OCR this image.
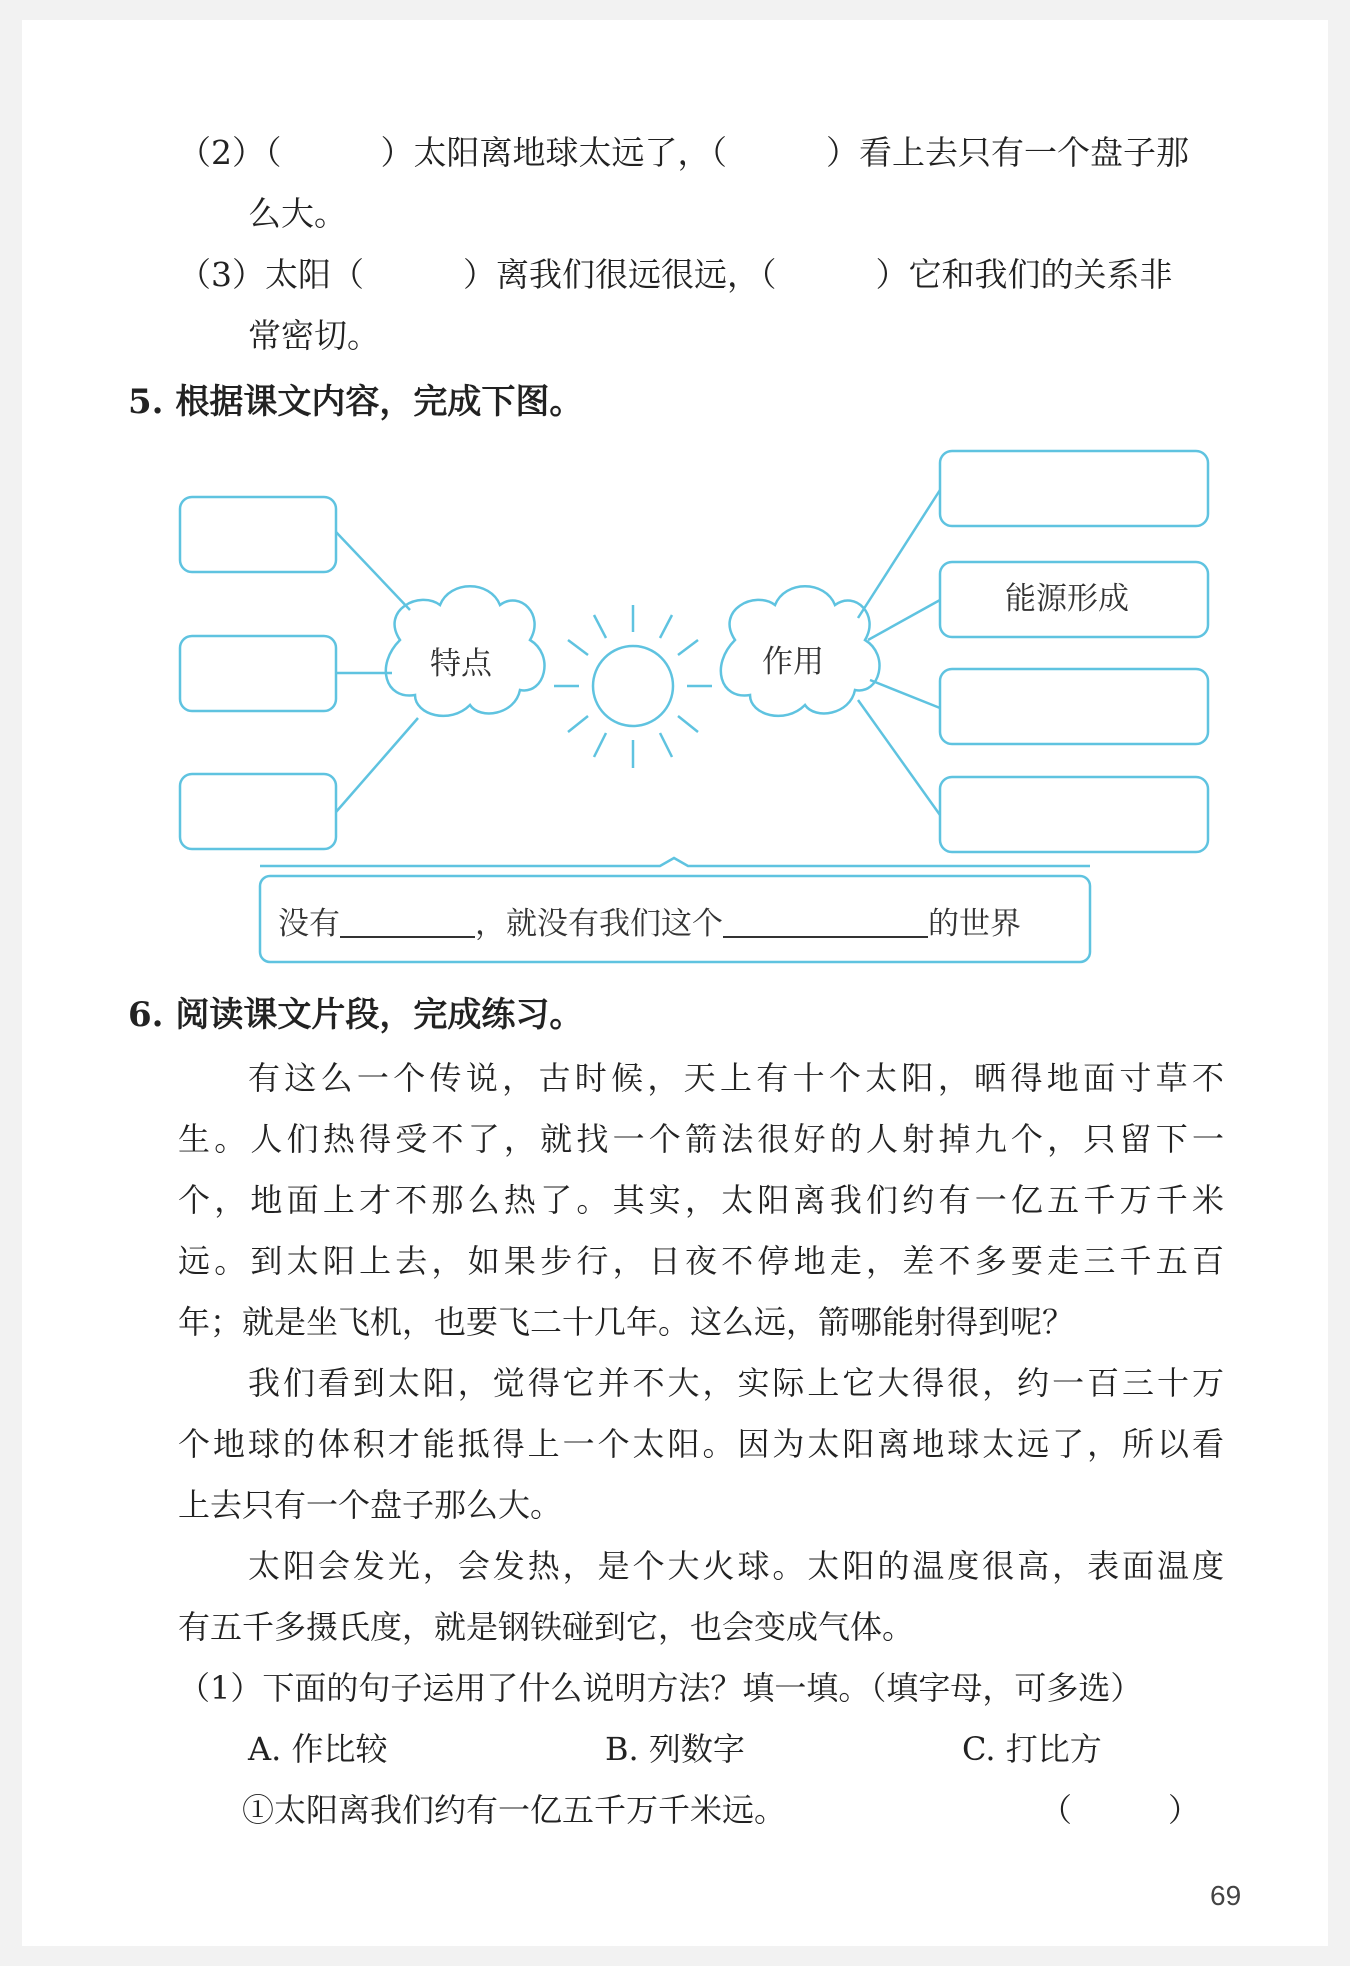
（2）（　　　）太阳离地球太远了，（　　　）看上去只有一个盘子那
么大。
（3）太阳（　　　）离我们很远很远，（　　　）它和我们的关系非
常密切。
5. 根据课文内容，完成下图。
特点	作用
能源形成
没有	，就没有我们这个	的世界
6. 阅读课文片段，完成练习。
有这么一个传说，古时候，天上有十个太阳，晒得地面寸草不
生。人们热得受不了，就找一个箭法很好的人射掉九个，只留下一
个，地面上才不那么热了。其实，太阳离我们约有一亿五千万千米
远。到太阳上去，如果步行，日夜不停地走，差不多要走三千五百
年；就是坐飞机，也要飞二十几年。这么远，箭哪能射得到呢？
我们看到太阳，觉得它并不大，实际上它大得很，约一百三十万
个地球的体积才能抵得上一个太阳。因为太阳离地球太远了，所以看
上去只有一个盘子那么大。
太阳会发光，会发热，是个大火球。太阳的温度很高，表面温度
有五千多摄氏度，就是钢铁碰到它，也会变成气体。
（1）下面的句子运用了什么说明方法？填一填。（填字母，可多选）
A. 作比较	B. 列数字	C. 打比方
①太阳离我们约有一亿五千万千米远。	（　　　）
69
